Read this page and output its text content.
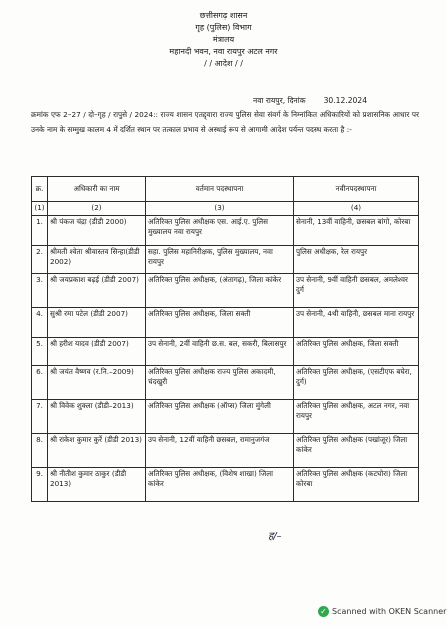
छत्तीसगढ़ शासन
गृह (पुलिस) विभाग
मंत्रालय
महानदी भवन, नवा रायपुर अटल नगर
/ / आदेश / /
नवा रायपुर, दिनांक 30.12.2024
क्रमांक एफ 2–27 / दो–गृह / रापुसे / 2024:: राज्य शासन एतद्द्वारा राज्य पुलिस सेवा संवर्ग के निम्नांकित अधिकारियों को प्रशासनिक आधार पर उनके नाम के सम्मुख कालम 4 में दर्शित स्थान पर तत्काल प्रभाव से अस्थाई रूप से आगामी आदेश पर्यन्त पदस्थ करता है :-
क्र.	अधिकारी का नाम	वर्तमान पदस्थापना	नवीनपदस्थापना
(1)	(2)	(3)	(4)
1.	श्री पंकज चंद्रा (डीडी 2000)	अतिरिक्त पुलिस अधीक्षक एस. आई.ए. पुलिस मुख्यालय नवा रायपुर	सेनानी, 13वीं वाहिनी, छसबल बांगो, कोरबा
2.	श्रीमती श्वेता श्रीवास्तव सिन्हा(डीडी 2002)	सहा. पुलिस महानिरीक्षक, पुलिस मुख्यालय, नवा रायपुर	पुलिस अधीक्षक, रेल रायपुर
3.	श्री जयप्रकाश बढ़ई (डीडी 2007)	अतिरिक्त पुलिस अधीक्षक, (अंतागढ़), जिला कांकेर	उप सेनानी, 9वीं वाहिनी छसबल, अमलेश्वर दुर्ग
4.	सुश्री रमा पटेल (डीडी 2007)	अतिरिक्त पुलिस अधीक्षक, जिला सक्ती	उप सेनानी, 4थी वाहिनी, छसबल माना रायपुर
5.	श्री हरीश यादव (डीडी 2007)	उप सेनानी, 2वीं वाहिनी छ.स. बल, सकरी, बिलासपुर	अतिरिक्त पुलिस अधीक्षक, जिला सक्ती
6.	श्री जयंत वैष्णव (र.नि.–2009)	अतिरिक्त पुलिस अधीक्षक राज्य पुलिस अकादमी, चंदखुरी	अतिरिक्त पुलिस अधीक्षक, (एसटीएफ बघेरा, दुर्ग)
7.	श्री विवेक शुक्ला (डीडी–2013)	अतिरिक्त पुलिस अधीक्षक (ऑप्स) जिला मुंगेली	अतिरिक्त पुलिस अधीक्षक, अटल नगर, नवा रायपुर
8.	श्री राकेश कुमार कुर्रे (डीडी 2013)	उप सेनानी, 12वीं वाहिनी छसबल, रामानुजगंज	अतिरिक्त पुलिस अधीक्षक (पखांजूर) जिला कांकेर
9.	श्री नीतीश कुमार ठाकुर (डीडी 2013)	अतिरिक्त पुलिस अधीक्षक, (विशेष शाखा) जिला कांकेर	अतिरिक्त पुलिस अधीक्षक (कटघोरा) जिला कोरबा
ह/–
✓ Scanned with OKEN Scanner
